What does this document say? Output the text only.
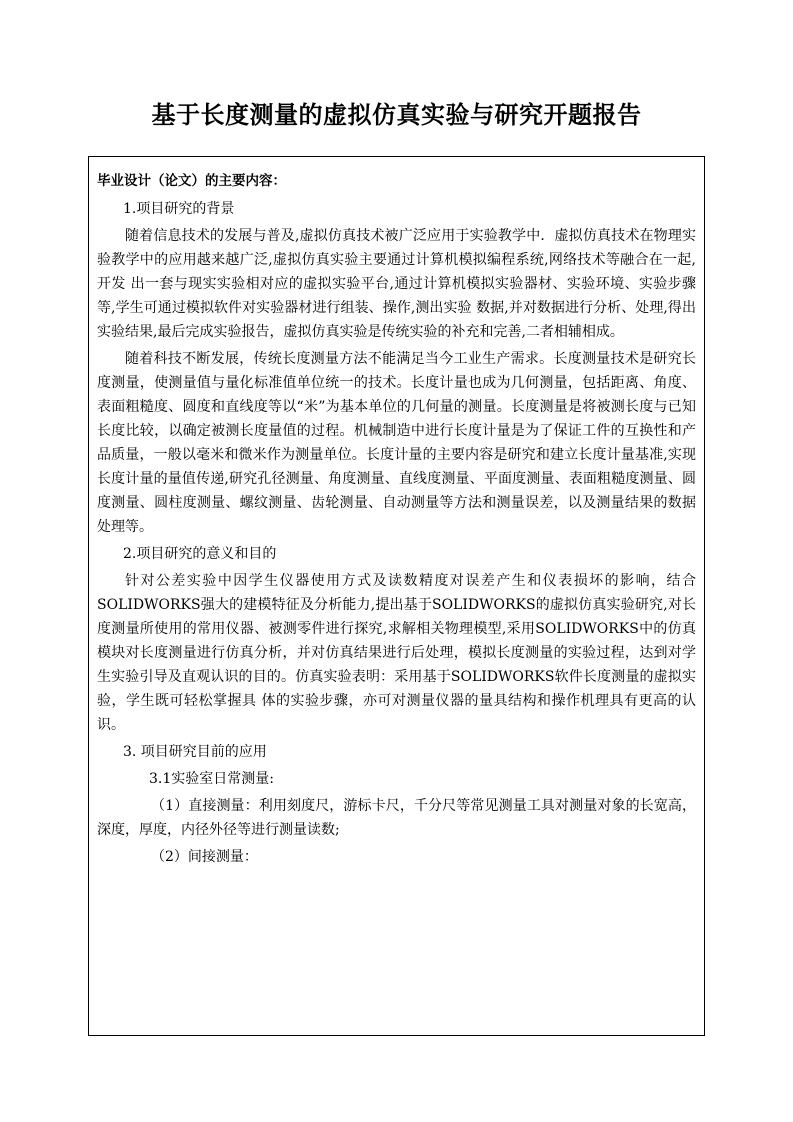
基于长度测量的虚拟仿真实验与研究开题报告
毕业设计（论文）的主要内容：

1.项目研究的背景

随着信息技术的发展与普及,虚拟仿真技术被广泛应用于实验教学中．虚拟仿真技术在物理实验教学中的应用越来越广泛,虚拟仿真实验主要通过计算机模拟编程系统,网络技术等融合在一起,开发 出一套与现实实验相对应的虚拟实验平台,通过计算机模拟实验器材、实验环境、实验步骤等,学生可通过模拟软件对实验器材进行组装、操作,测出实验 数据,并对数据进行分析、处理,得出实验结果,最后完成实验报告，虚拟仿真实验是传统实验的补充和完善,二者相辅相成。

随着科技不断发展，传统长度测量方法不能满足当今工业生产需求。长度测量技术是研究长度测量，使测量值与量化标准值单位统一的技术。长度计量也成为几何测量，包括距离、角度、表面粗糙度、圆度和直线度等以“米”为基本单位的几何量的测量。长度测量是将被测长度与已知长度比较，以确定被测长度量值的过程。机械制造中进行长度计量是为了保证工件的互换性和产品质量，一般以毫米和微米作为测量单位。长度计量的主要内容是研究和建立长度计量基准,实现长度计量的量值传递,研究孔径测量、角度测量、直线度测量、平面度测量、表面粗糙度测量、圆度测量、圆柱度测量、螺纹测量、齿轮测量、自动测量等方法和测量误差，以及测量结果的数据处理等。

2.项目研究的意义和目的

针对公差实验中因学生仪器使用方式及读数精度对误差产生和仪表损坏的影响，结合SOLIDWORKS强大的建模特征及分析能力,提出基于SOLIDWORKS的虚拟仿真实验研究,对长度测量所使用的常用仪器、被测零件进行探究,求解相关物理模型,采用SOLIDWORKS中的仿真模块对长度测量进行仿真分析，并对仿真结果进行后处理，模拟长度测量的实验过程，达到对学生实验引导及直观认识的目的。仿真实验表明：采用基于SOLIDWORKS软件长度测量的虚拟实验，学生既可轻松掌握具 体的实验步骤，亦可对测量仪器的量具结构和操作机理具有更高的认识。

3. 项目研究目前的应用

3.1实验室日常测量:

（1）直接测量：利用刻度尺，游标卡尺，千分尺等常见测量工具对测量对象的长宽高，深度，厚度，内径外径等进行测量读数;

（2）间接测量：
